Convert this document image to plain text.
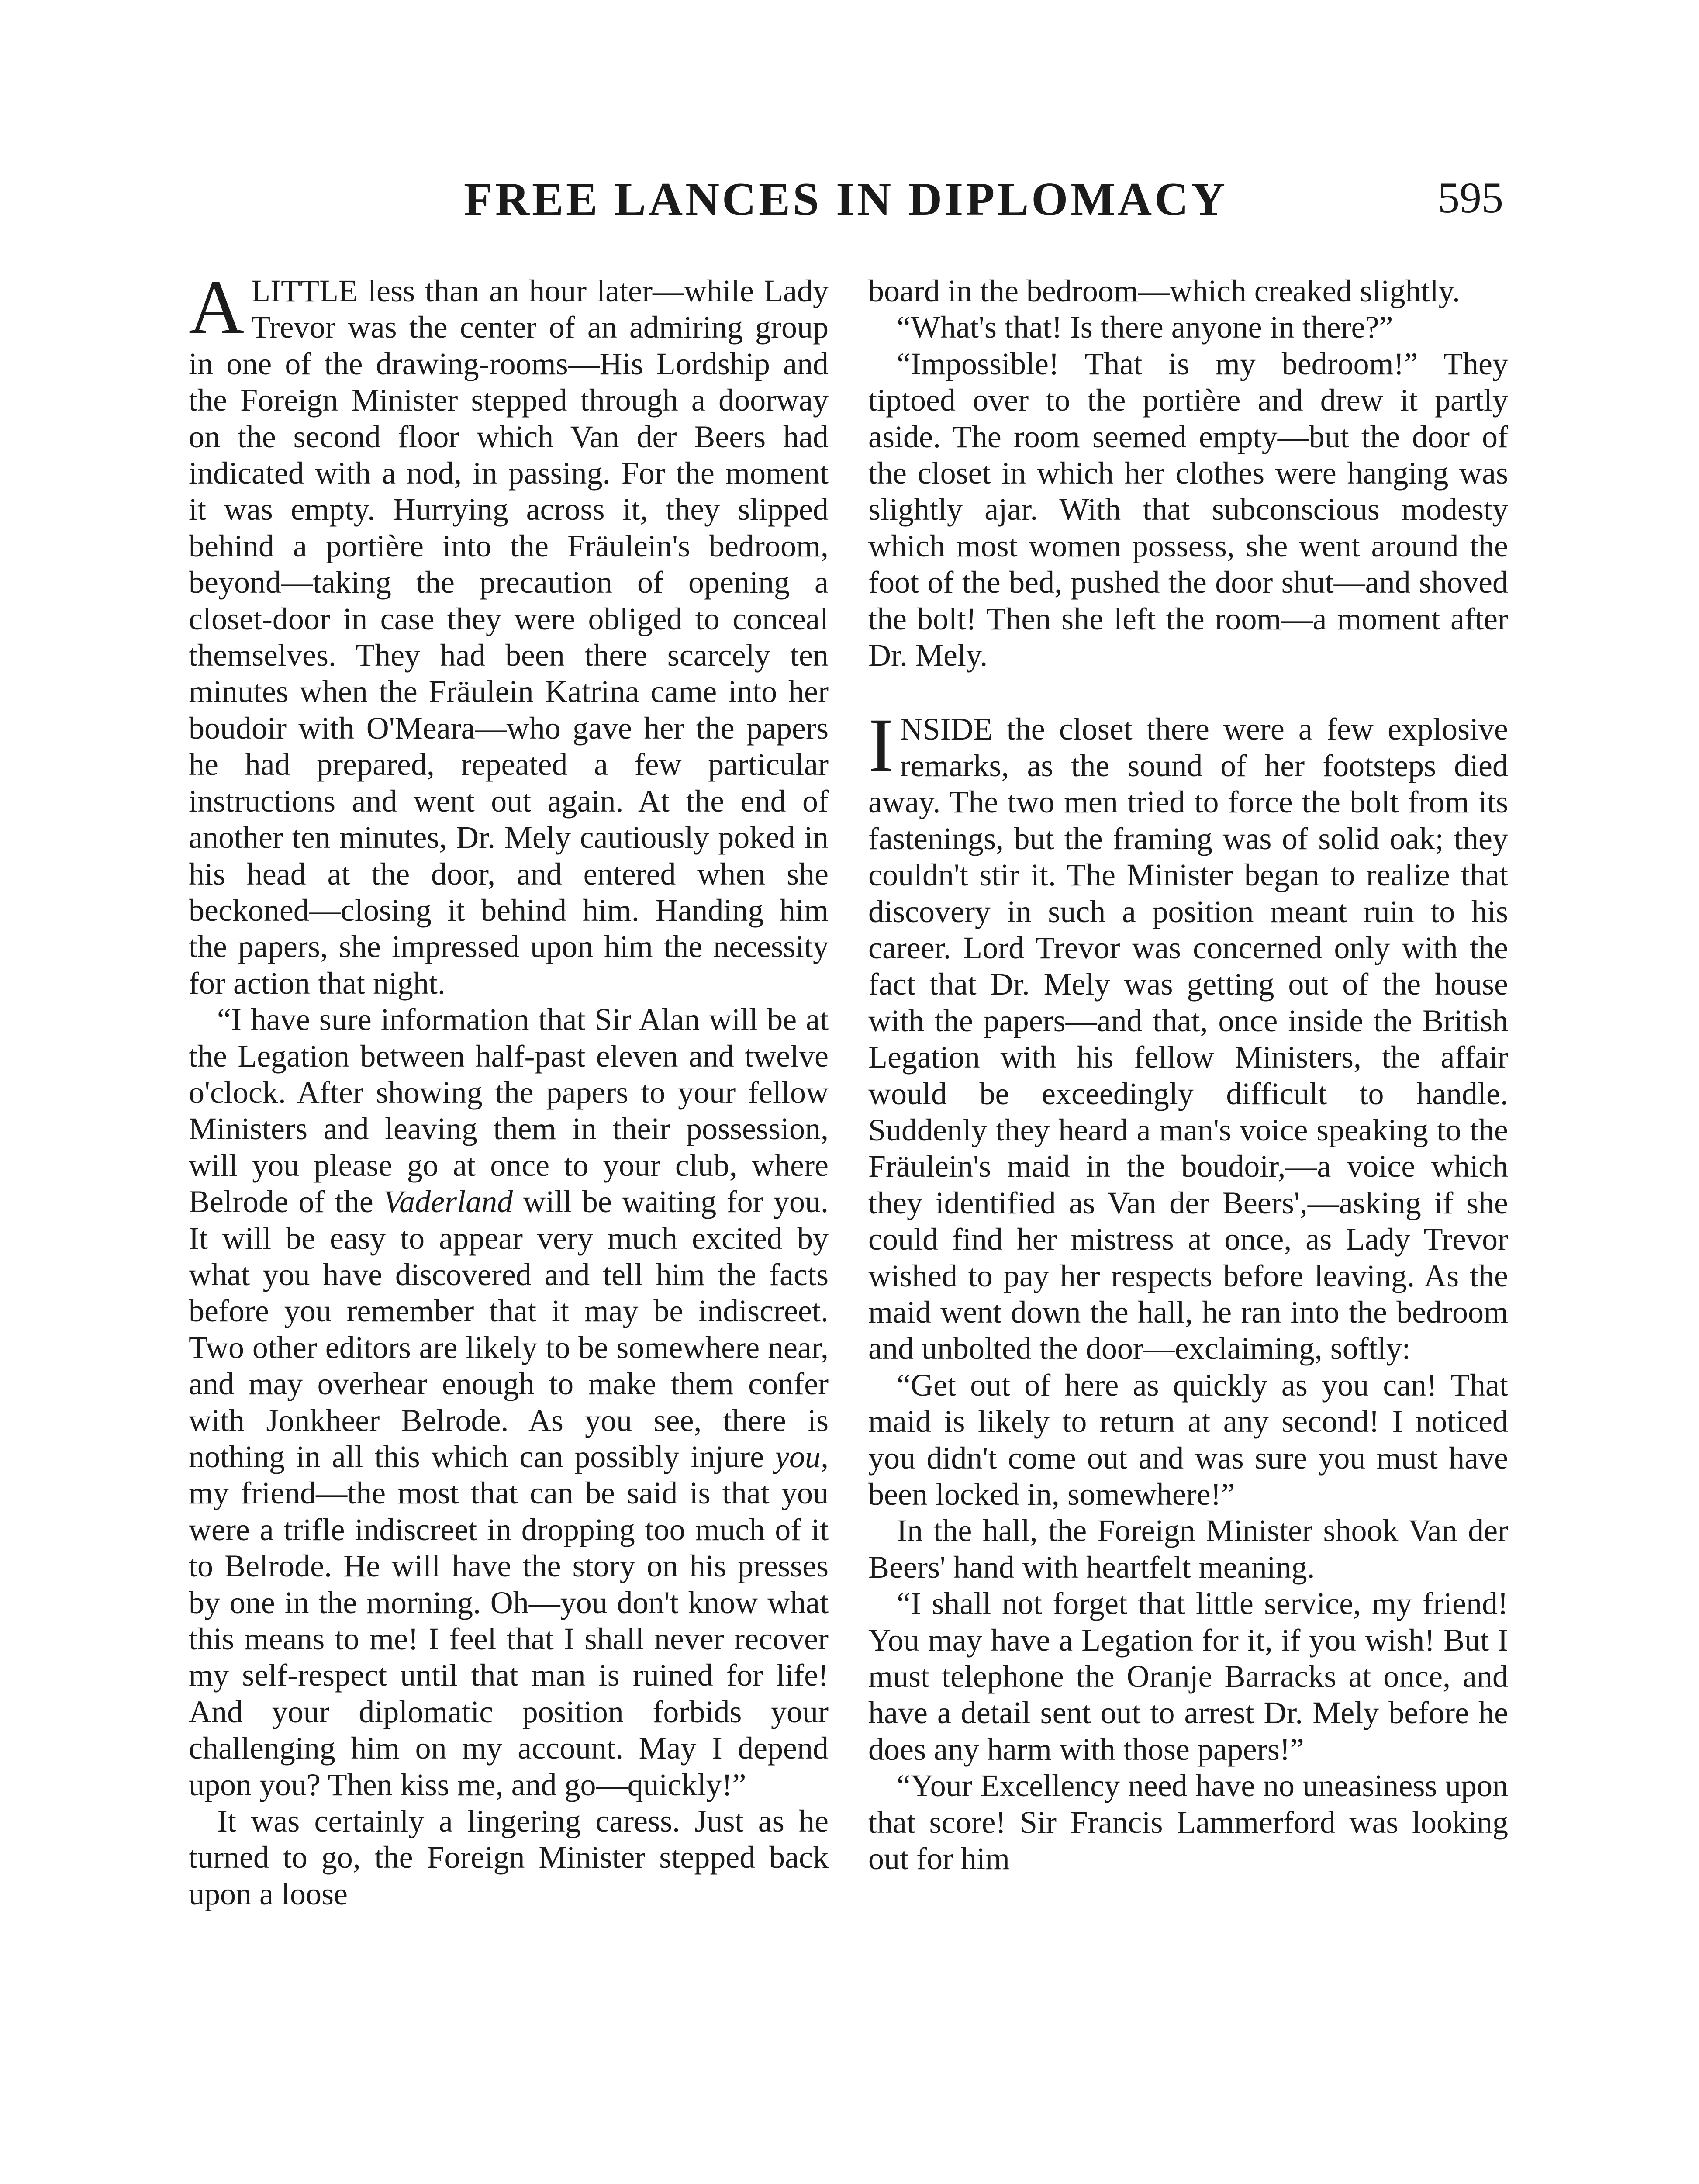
FREE LANCES IN DIPLOMACY	595

ALITTLE less than an hour later—while Lady Trevor was the center of an admiring group in one of the drawing-rooms—His Lordship and the Foreign Minister stepped through a doorway on the second floor which Van der Beers had indicated with a nod, in passing. For the moment it was empty. Hurrying across it, they slipped behind a portière into the Fräulein's bedroom, beyond—taking the precaution of opening a closet-door in case they were obliged to conceal themselves. They had been there scarcely ten minutes when the Fräulein Katrina came into her boudoir with O'Meara—who gave her the papers he had prepared, repeated a few particular instructions and went out again. At the end of another ten minutes, Dr. Mely cautiously poked in his head at the door, and entered when she beckoned—closing it behind him. Handing him the papers, she impressed upon him the necessity for action that night.

“I have sure information that Sir Alan will be at the Legation between half-past eleven and twelve o'clock. After showing the papers to your fellow Ministers and leaving them in their possession, will you please go at once to your club, where Belrode of the Vaderland will be waiting for you. It will be easy to appear very much excited by what you have discovered and tell him the facts before you remember that it may be indiscreet. Two other editors are likely to be somewhere near, and may overhear enough to make them confer with Jonkheer Belrode. As you see, there is nothing in all this which can possibly injure you, my friend—the most that can be said is that you were a trifle indiscreet in dropping too much of it to Belrode. He will have the story on his presses by one in the morning. Oh—you don't know what this means to me! I feel that I shall never recover my self-respect until that man is ruined for life! And your diplomatic position forbids your challenging him on my account. May I depend upon you? Then kiss me, and go—quickly!”

It was certainly a lingering caress. Just as he turned to go, the Foreign Minister stepped back upon a loose

board in the bedroom—which creaked slightly.

“What's that! Is there anyone in there?”

“Impossible! That is my bedroom!” They tiptoed over to the portière and drew it partly aside. The room seemed empty—but the door of the closet in which her clothes were hanging was slightly ajar. With that subconscious modesty which most women possess, she went around the foot of the bed, pushed the door shut—and shoved the bolt! Then she left the room—a moment after Dr. Mely.

INSIDE the closet there were a few explosive remarks, as the sound of her footsteps died away. The two men tried to force the bolt from its fastenings, but the framing was of solid oak; they couldn't stir it. The Minister began to realize that discovery in such a position meant ruin to his career. Lord Trevor was concerned only with the fact that Dr. Mely was getting out of the house with the papers—and that, once inside the British Legation with his fellow Ministers, the affair would be exceedingly difficult to handle. Suddenly they heard a man's voice speaking to the Fräulein's maid in the boudoir,—a voice which they identified as Van der Beers',—asking if she could find her mistress at once, as Lady Trevor wished to pay her respects before leaving. As the maid went down the hall, he ran into the bedroom and unbolted the door—exclaiming, softly:

“Get out of here as quickly as you can! That maid is likely to return at any second! I noticed you didn't come out and was sure you must have been locked in, somewhere!”

In the hall, the Foreign Minister shook Van der Beers' hand with heartfelt meaning.

“I shall not forget that little service, my friend! You may have a Legation for it, if you wish! But I must telephone the Oranje Barracks at once, and have a detail sent out to arrest Dr. Mely before he does any harm with those papers!”

“Your Excellency need have no uneasiness upon that score! Sir Francis Lammerford was looking out for him
